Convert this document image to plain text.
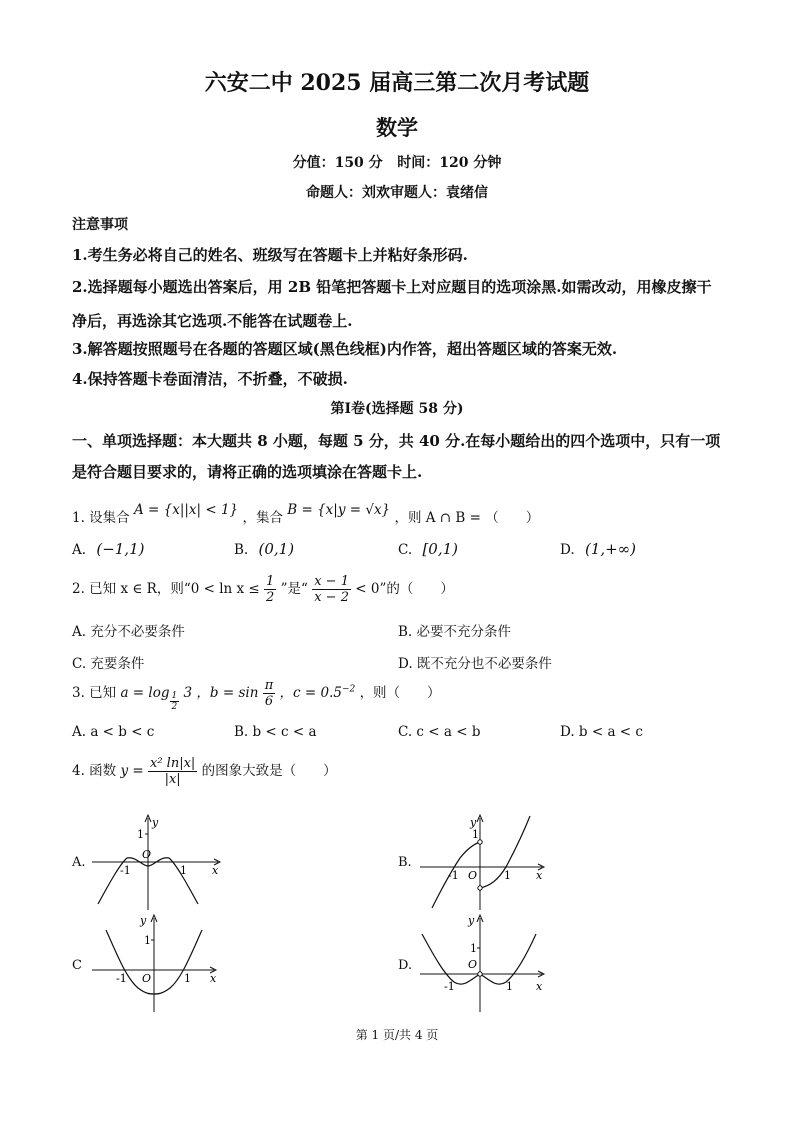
六安二中 2025 届高三第二次月考试题
数学
分值：150 分   时间：120 分钟
命题人：刘欢审题人：袁绪信
注意事项
1.考生务必将自己的姓名、班级写在答题卡上并粘好条形码.
2.选择题每小题选出答案后，用 2B 铅笔把答题卡上对应题目的选项涂黑.如需改动，用橡皮擦干净后，再选涂其它选项.不能答在试题卷上.
3.解答题按照题号在各题的答题区域(黑色线框)内作答，超出答题区域的答案无效.
4.保持答题卡卷面清洁，不折叠，不破损.
第Ⅰ卷(选择题 58 分)
一、单项选择题：本大题共 8 小题，每题 5 分，共 40 分.在每小题给出的四个选项中，只有一项是符合题目要求的，请将正确的选项填涂在答题卡上.
1. 设集合 A = {x||x| < 1} ，集合 B = {x|y = √x} ，则 A ∩ B = （　　）
A. (−1,1)	B. (0,1)	C. [0,1)	D. (1,+∞)
2. 已知 x ∈ R，则“$0 < \ln x \le \frac{1}{2}$ ”是“ $\frac{x - 1}{x - 2} < 0$”的（　　）
A. 充分不必要条件	B. 必要不充分条件
C. 充要条件	D. 既不充分也不必要条件
3. 已知 $a = \log \frac{1}{2} 3$ ，$b = \sin \frac{\pi}{6}$ ，$c = 0.5^{-2}$ ，则（　　）
A. a < b < c	B. b < c < a	C. c < a < b	D. b < a < c
4. 函数 $y = \frac{\text{x² ln|x|}}{|x|}$ 的图象大致是（　　）
A.	B.
C	D.
y
1
O
-1	1 x
y
1
-1 O 1 x
y
1
-1 O	1 x
y
1
O
-1	1 x
第 1 页/共 4 页
